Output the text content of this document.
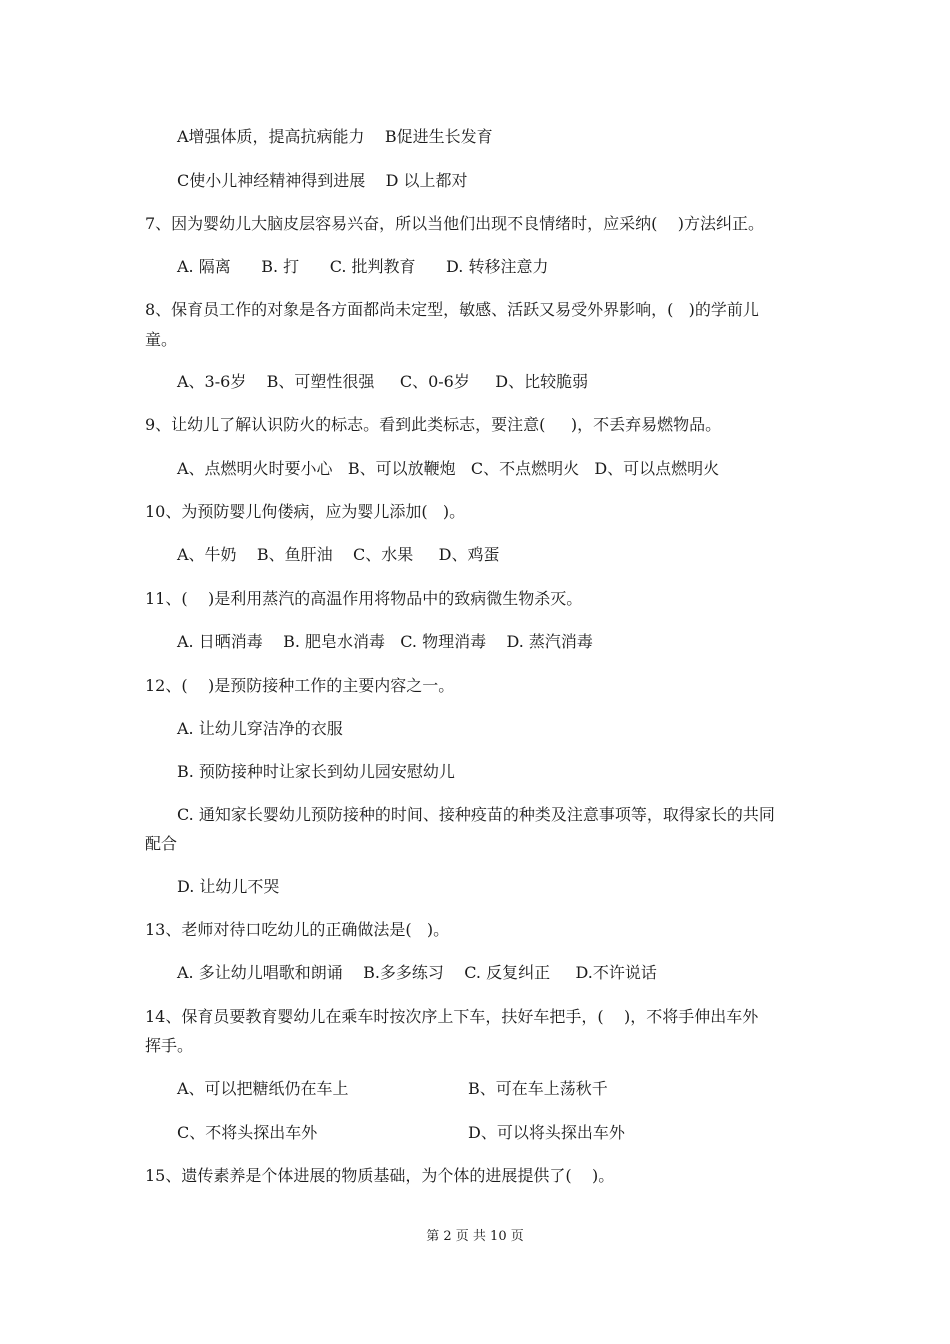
A增强体质，提高抗病能力    B促进生长发育
C使小儿神经精神得到进展    D 以上都对
7、因为婴幼儿大脑皮层容易兴奋，所以当他们出现不良情绪时，应采纳(    )方法纠正。
A. 隔离      B. 打      C. 批判教育      D. 转移注意力
8、保育员工作的对象是各方面都尚未定型，敏感、活跃又易受外界影响，(   )的学前儿
童。
A、3-6岁    B、可塑性很强     C、0-6岁     D、比较脆弱
9、让幼儿了解认识防火的标志。看到此类标志，要注意(     )，不丢弃易燃物品。
A、点燃明火时要小心   B、可以放鞭炮   C、不点燃明火   D、可以点燃明火
10、为预防婴儿佝偻病，应为婴儿添加(   )。
A、牛奶    B、鱼肝油    C、水果     D、鸡蛋
11、(    )是利用蒸汽的高温作用将物品中的致病微生物杀灭。
A. 日晒消毒    B. 肥皂水消毒   C. 物理消毒    D. 蒸汽消毒
12、(    )是预防接种工作的主要内容之一。
A. 让幼儿穿洁净的衣服
B. 预防接种时让家长到幼儿园安慰幼儿
C. 通知家长婴幼儿预防接种的时间、接种疫苗的种类及注意事项等，取得家长的共同
配合
D. 让幼儿不哭
13、老师对待口吃幼儿的正确做法是(   )。
A. 多让幼儿唱歌和朗诵    B.多多练习    C. 反复纠正     D.不许说话
14、保育员要教育婴幼儿在乘车时按次序上下车，扶好车把手，(    )，不将手伸出车外
挥手。
A、可以把糖纸仍在车上	B、可在车上荡秋千
C、不将头探出车外	D、可以将头探出车外
15、遗传素养是个体进展的物质基础，为个体的进展提供了(    )。
第 2 页 共 10 页
